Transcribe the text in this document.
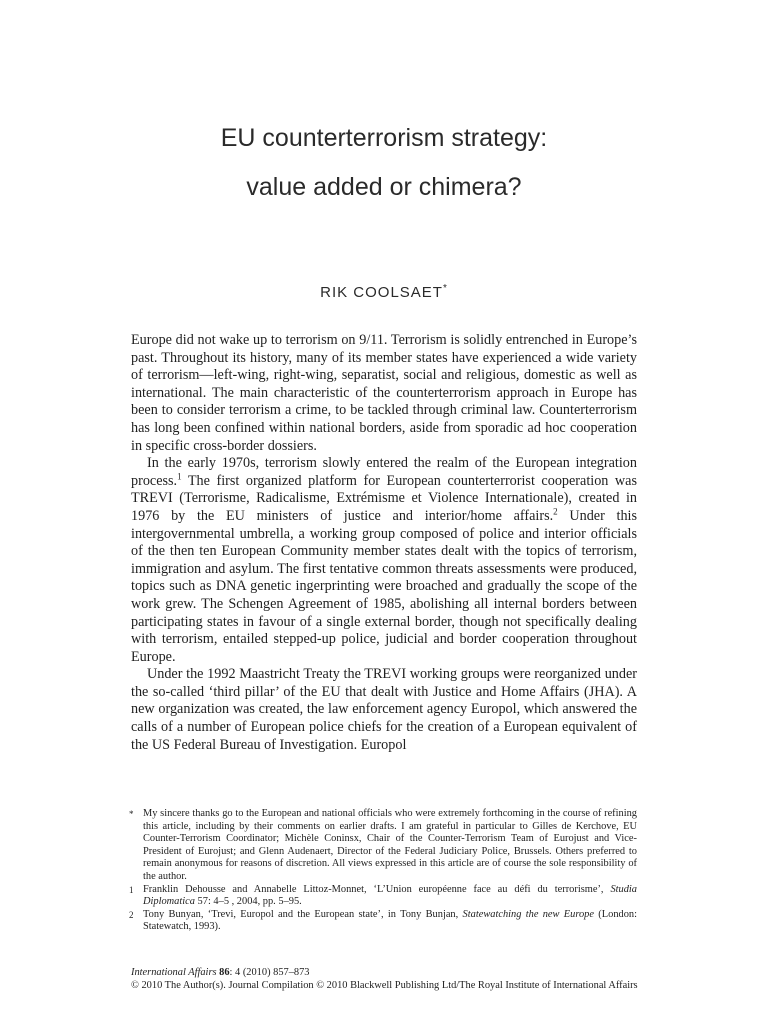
EU counterterrorism strategy:
value added or chimera?
RIK COOLSAET*

Europe did not wake up to terrorism on 9/11. Terrorism is solidly entrenched in Europe’s past. Throughout its history, many of its member states have experienced a wide variety of terrorism—left-wing, right-wing, separatist, social and religious, domestic as well as international. The main characteristic of the counterterrorism approach in Europe has been to consider terrorism a crime, to be tackled through criminal law. Counterterrorism has long been confined within national borders, aside from sporadic ad hoc cooperation in specific cross-border dossiers.

In the early 1970s, terrorism slowly entered the realm of the European integration process.$^1$ The first organized platform for European counterterrorist cooperation was TREVI (Terrorisme, Radicalisme, Extrémisme et Violence Internationale), created in 1976 by the EU ministers of justice and interior/home affairs.$^2$ Under this intergovernmental umbrella, a working group composed of police and interior officials of the then ten European Community member states dealt with the topics of terrorism, immigration and asylum. The first tentative common threats assessments were produced, topics such as DNA genetic ingerprinting were broached and gradually the scope of the work grew. The Schengen Agreement of 1985, abolishing all internal borders between participating states in favour of a single external border, though not specifically dealing with terrorism, entailed stepped-up police, judicial and border cooperation throughout Europe.

Under the 1992 Maastricht Treaty the TREVI working groups were reorganized under the so-called ‘third pillar’ of the EU that dealt with Justice and Home Affairs (JHA). A new organization was created, the law enforcement agency Europol, which answered the calls of a number of European police chiefs for the creation of a European equivalent of the US Federal Bureau of Investigation. Europol

* My sincere thanks go to the European and national officials who were extremely forthcoming in the course of refining this article, including by their comments on earlier drafts. I am grateful in particular to Gilles de Kerchove, EU Counter-Terrorism Coordinator; Michèle Coninsx, Chair of the Counter-Terrorism Team of Eurojust and Vice-President of Eurojust; and Glenn Audenaert, Director of the Federal Judiciary Police, Brussels. Others preferred to remain anonymous for reasons of discretion. All views expressed in this article are of course the sole responsibility of the author.

1 Franklin Dehousse and Annabelle Littoz-Monnet, ‘L’Union européenne face au défi du terrorisme’, Studia Diplomatica 57: 4–5 , 2004, pp. 5–95.

2 Tony Bunyan, ‘Trevi, Europol and the European state’, in Tony Bunjan, Statewatching the new Europe (London: Statewatch, 1993).

International Affairs 86: 4 (2010) 857–873

© 2010 The Author(s). Journal Compilation © 2010 Blackwell Publishing Ltd/The Royal Institute of International Affairs
